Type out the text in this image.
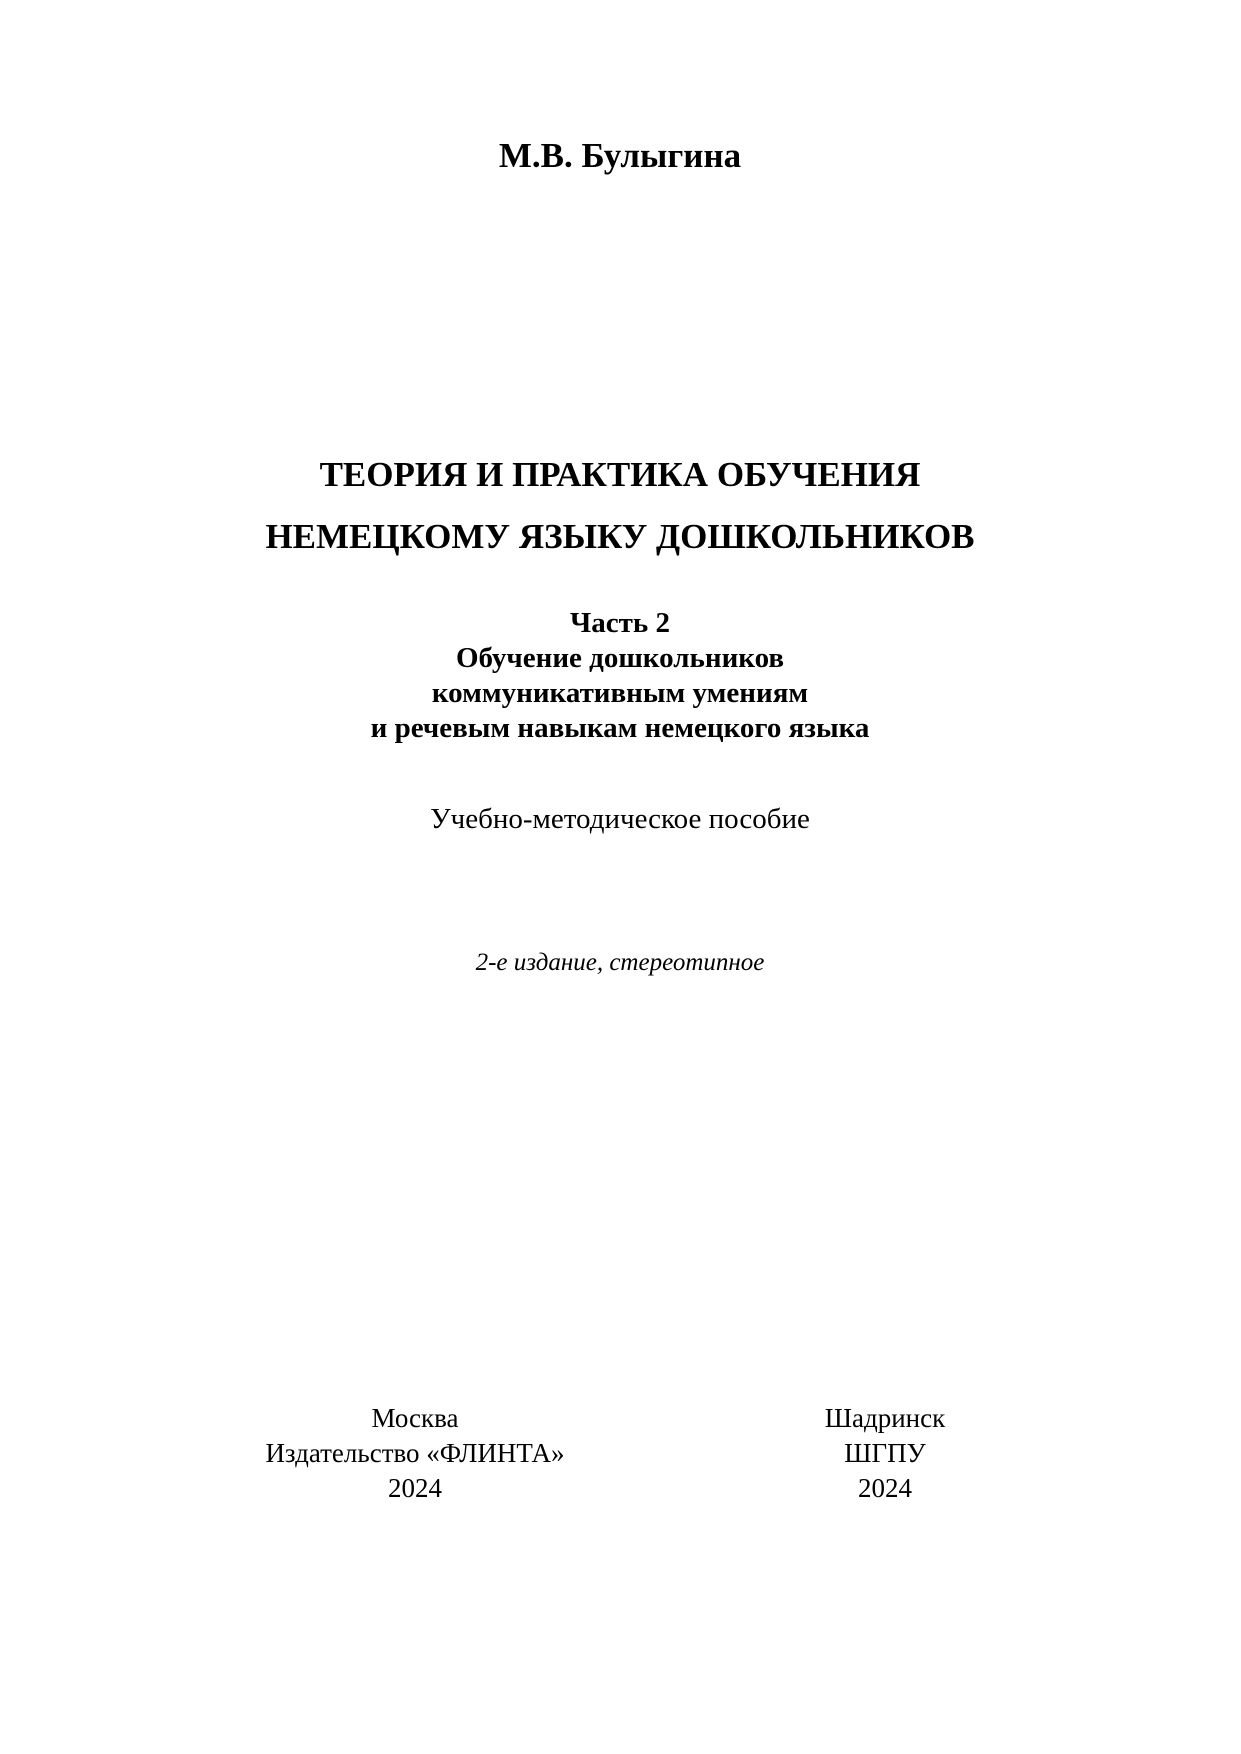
М.В. Булыгина
ТЕОРИЯ И ПРАКТИКА ОБУЧЕНИЯ
НЕМЕЦКОМУ ЯЗЫКУ ДОШКОЛЬНИКОВ
Часть 2
Обучение дошкольников
коммуникативным умениям
и речевым навыкам немецкого языка
Учебно-методическое пособие
2-е издание, стереотипное
Москва
Издательство «ФЛИНТА»
2024
Шадринск
ШГПУ
2024
